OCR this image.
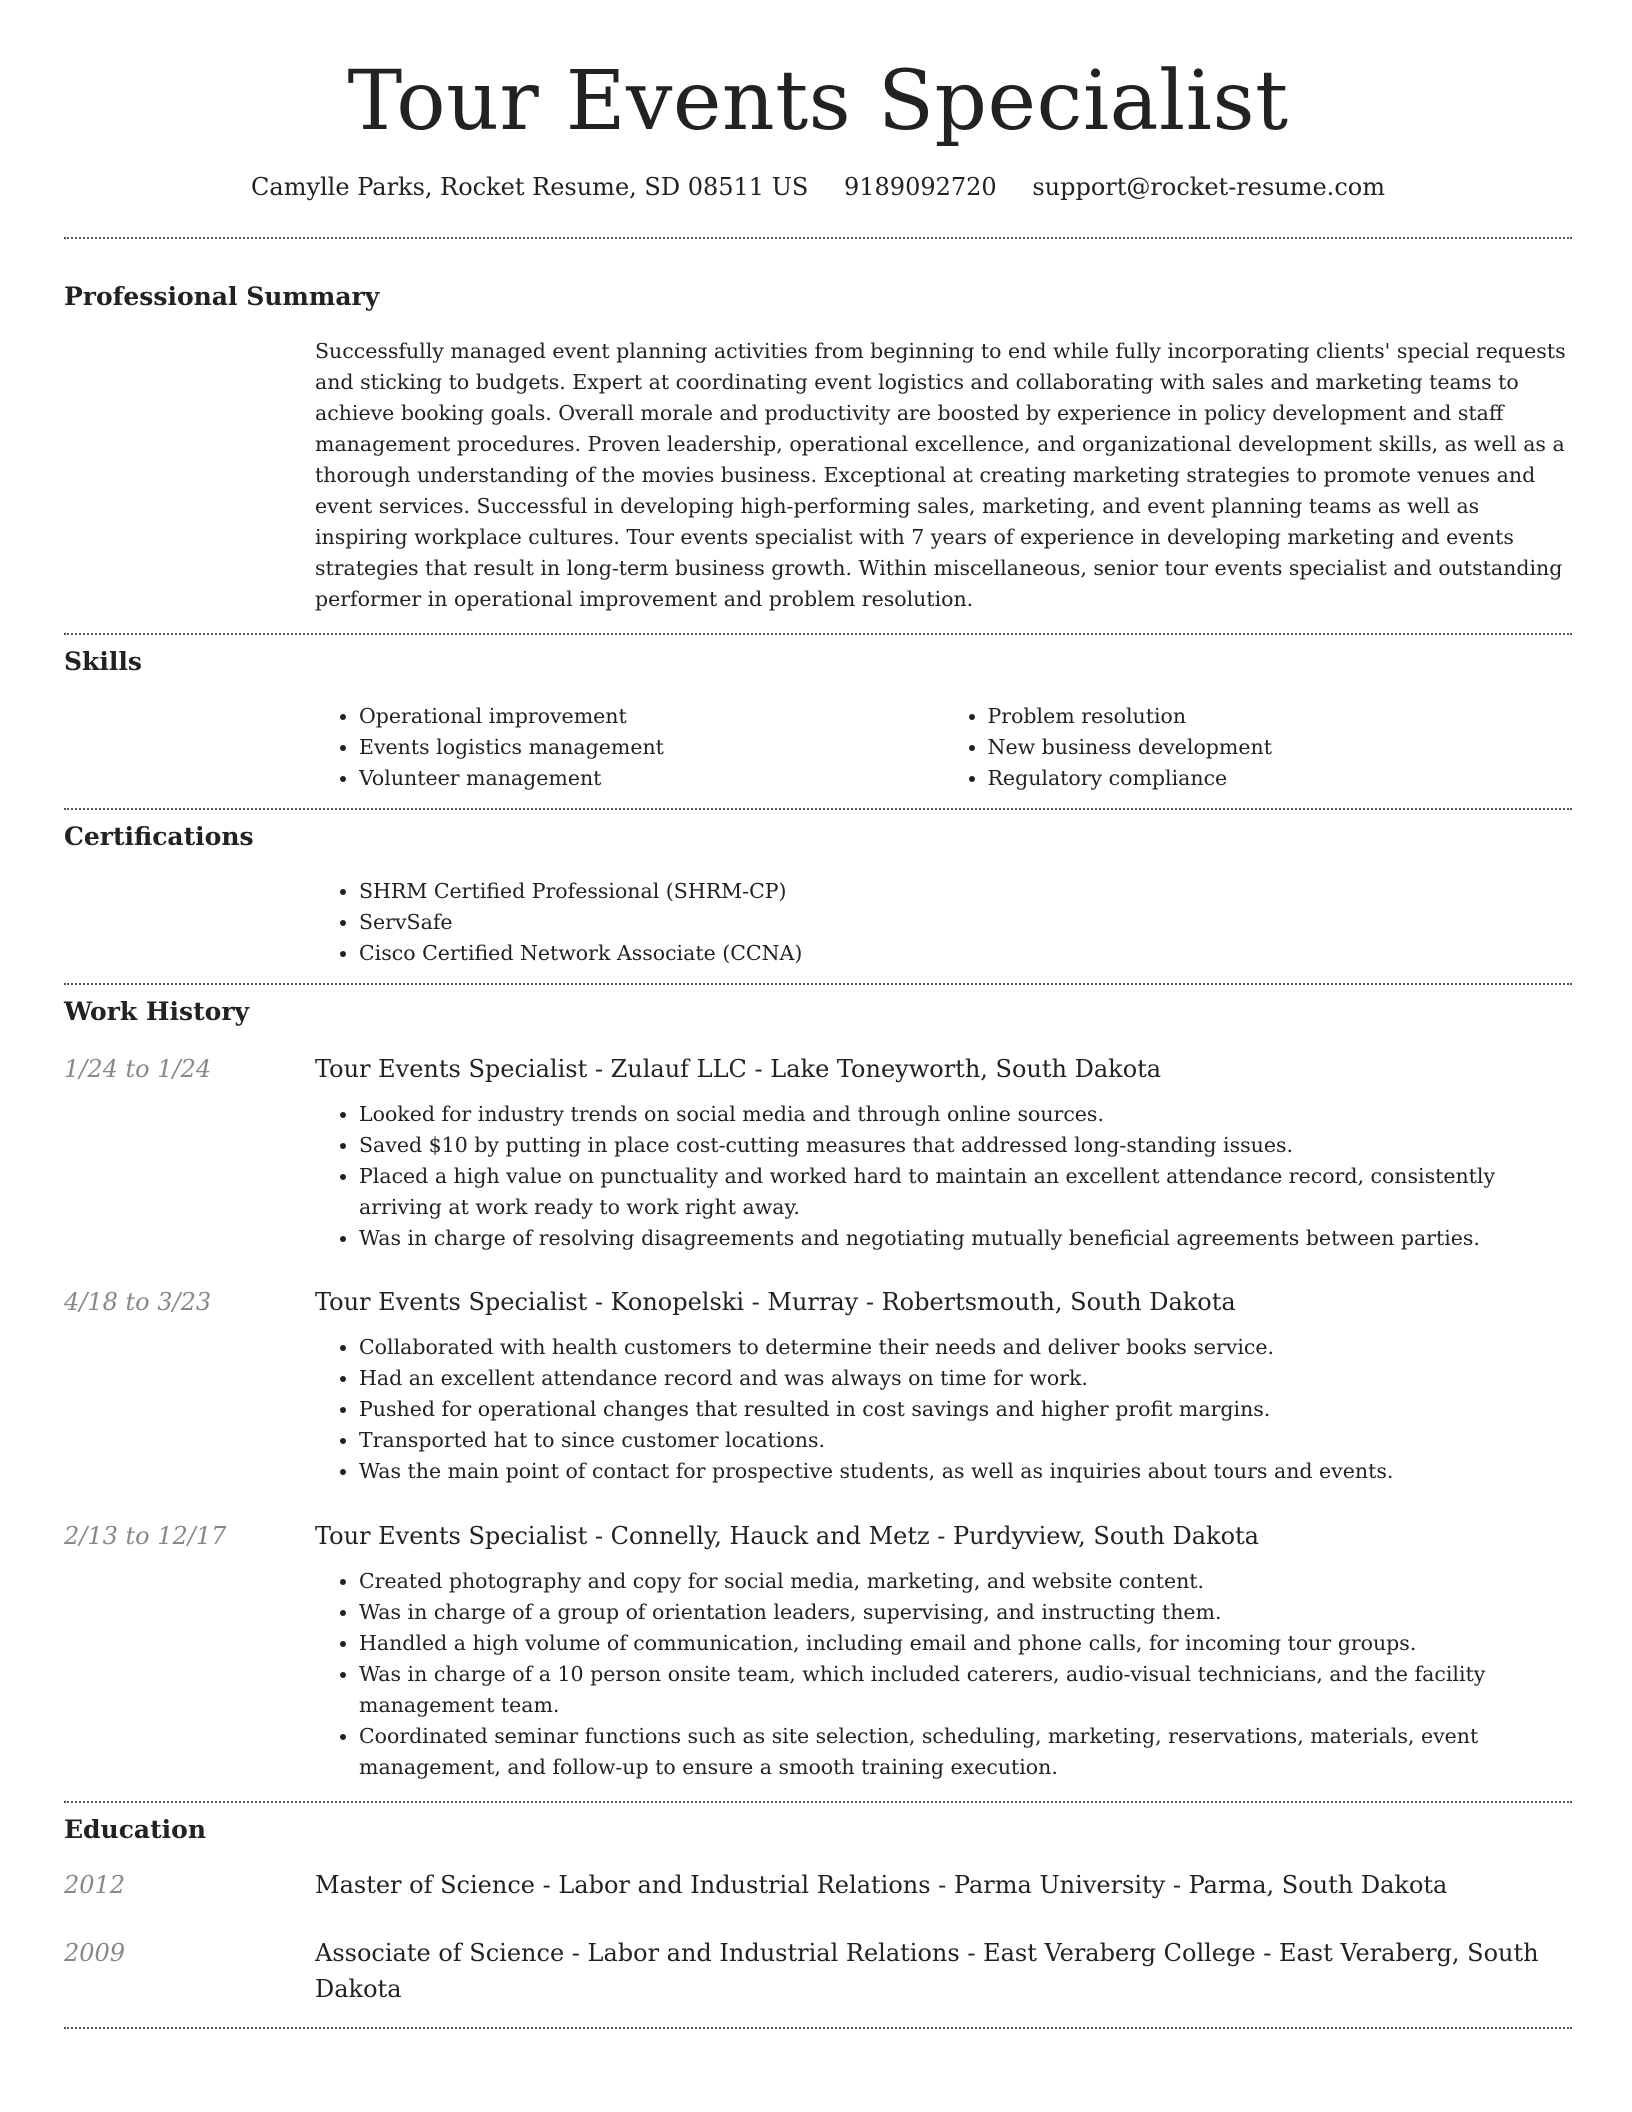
Tour Events Specialist
Camylle Parks, Rocket Resume, SD 08511 US 9189092720 support@rocket-resume.com
Professional Summary

Successfully managed event planning activities from beginning to end while fully incorporating clients' special requests and sticking to budgets. Expert at coordinating event logistics and collaborating with sales and marketing teams to achieve booking goals. Overall morale and productivity are boosted by experience in policy development and staff management procedures. Proven leadership, operational excellence, and organizational development skills, as well as a thorough understanding of the movies business. Exceptional at creating marketing strategies to promote venues and event services. Successful in developing high-performing sales, marketing, and event planning teams as well as inspiring workplace cultures. Tour events specialist with 7 years of experience in developing marketing and events strategies that result in long-term business growth. Within miscellaneous, senior tour events specialist and outstanding performer in operational improvement and problem resolution.

Skills
• Operational improvement
• Events logistics management
• Volunteer management
• Problem resolution
• New business development
• Regulatory compliance
Certifications
• SHRM Certified Professional (SHRM-CP)
• ServSafe
• Cisco Certified Network Associate (CCNA)
Work History
1/24 to 1/24	Tour Events Specialist - Zulauf LLC - Lake Toneyworth, South Dakota
• Looked for industry trends on social media and through online sources.
• Saved $10 by putting in place cost-cutting measures that addressed long-standing issues.
• Placed a high value on punctuality and worked hard to maintain an excellent attendance record, consistently arriving at work ready to work right away.
• Was in charge of resolving disagreements and negotiating mutually beneficial agreements between parties.
4/18 to 3/23	Tour Events Specialist - Konopelski - Murray - Robertsmouth, South Dakota
• Collaborated with health customers to determine their needs and deliver books service.
• Had an excellent attendance record and was always on time for work.
• Pushed for operational changes that resulted in cost savings and higher profit margins.
• Transported hat to since customer locations.
• Was the main point of contact for prospective students, as well as inquiries about tours and events.
2/13 to 12/17	Tour Events Specialist - Connelly, Hauck and Metz - Purdyview, South Dakota
• Created photography and copy for social media, marketing, and website content.
• Was in charge of a group of orientation leaders, supervising, and instructing them.
• Handled a high volume of communication, including email and phone calls, for incoming tour groups.
• Was in charge of a 10 person onsite team, which included caterers, audio-visual technicians, and the facility management team.
• Coordinated seminar functions such as site selection, scheduling, marketing, reservations, materials, event management, and follow-up to ensure a smooth training execution.
Education
2012	Master of Science - Labor and Industrial Relations - Parma University - Parma, South Dakota
2009	Associate of Science - Labor and Industrial Relations - East Veraberg College - East Veraberg, South Dakota
